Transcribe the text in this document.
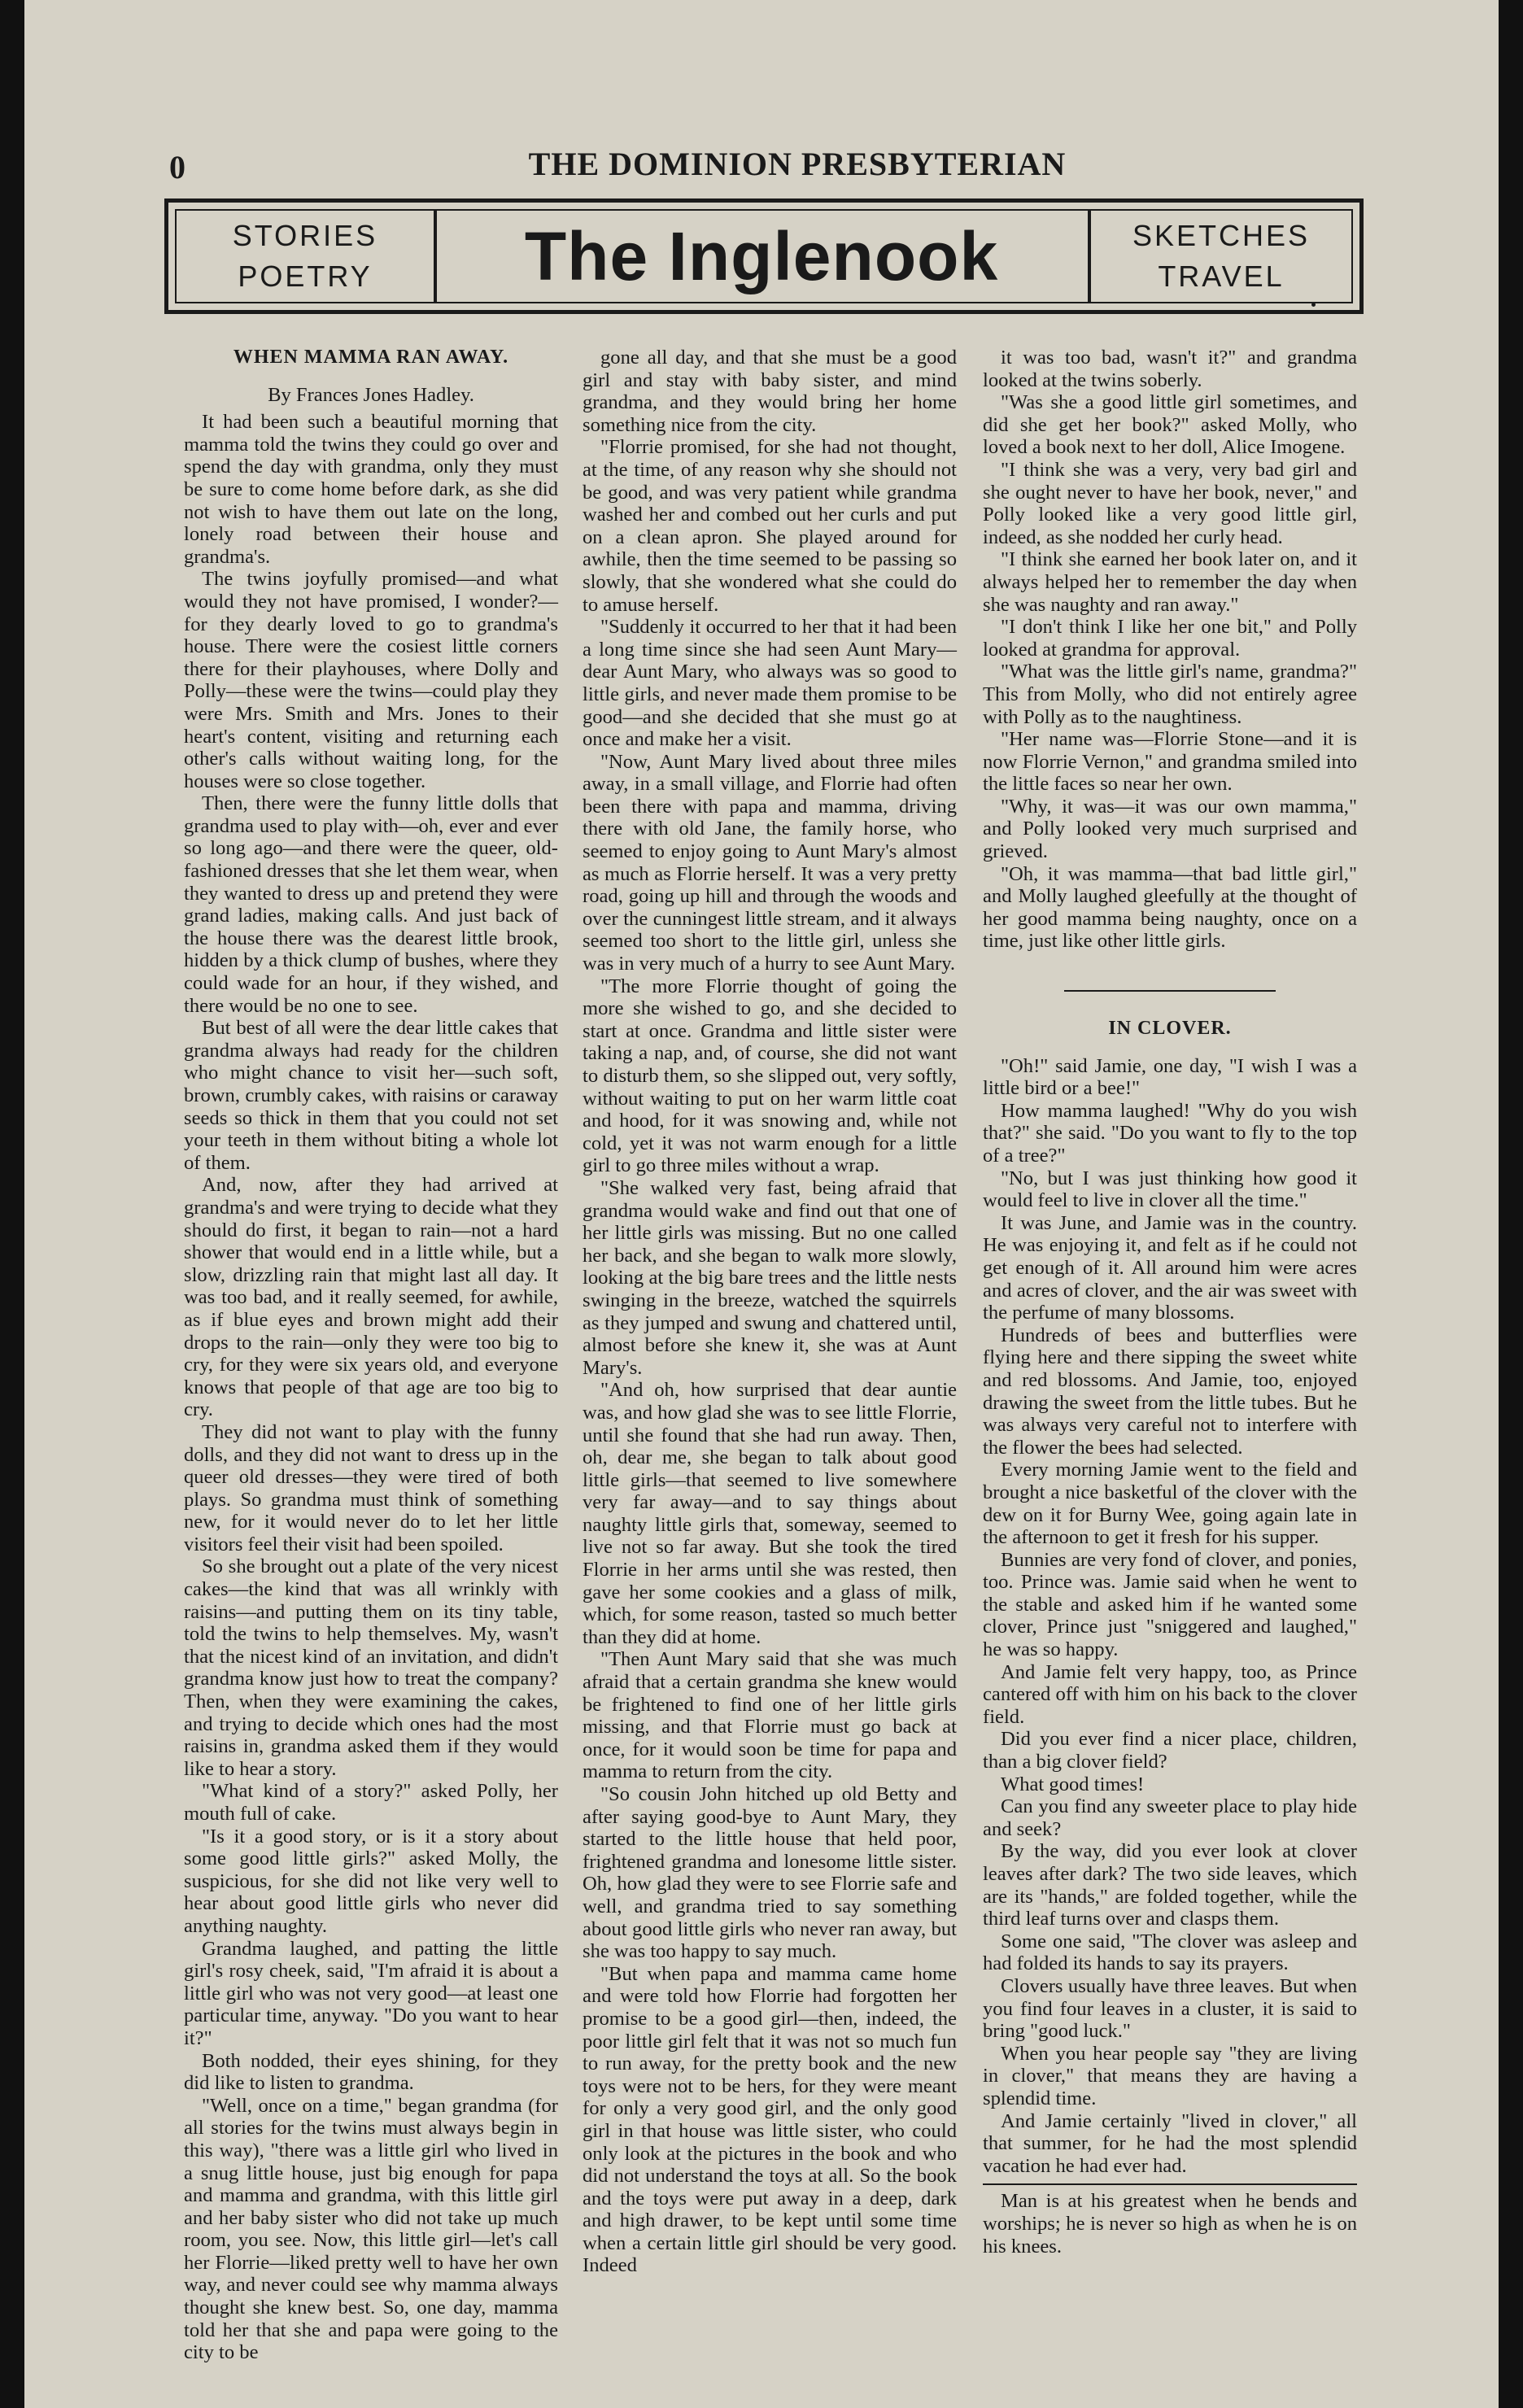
0	THE DOMINION PRESBYTERIAN
STORIES
POETRY The Inglenook	SKETCHES
TRAVEL
WHEN MAMMA RAN AWAY.

By Frances Jones Hadley.

It had been such a beautiful morning that mamma told the twins they could go over and spend the day with grandma, only they must be sure to come home before dark, as she did not wish to have them out late on the long, lonely road between their house and grandma's.

The twins joyfully promised—and what would they not have promised, I wonder?—for they dearly loved to go to grandma's house. There were the cosiest little corners there for their playhouses, where Dolly and Polly—these were the twins—could play they were Mrs. Smith and Mrs. Jones to their heart's content, visiting and returning each other's calls without waiting long, for the houses were so close together.

Then, there were the funny little dolls that grandma used to play with—oh, ever and ever so long ago—and there were the queer, old-fashioned dresses that she let them wear, when they wanted to dress up and pretend they were grand ladies, making calls. And just back of the house there was the dearest little brook, hidden by a thick clump of bushes, where they could wade for an hour, if they wished, and there would be no one to see.

But best of all were the dear little cakes that grandma always had ready for the children who might chance to visit her—such soft, brown, crumbly cakes, with raisins or caraway seeds so thick in them that you could not set your teeth in them without biting a whole lot of them.

And, now, after they had arrived at grandma's and were trying to decide what they should do first, it began to rain—not a hard shower that would end in a little while, but a slow, drizzling rain that might last all day. It was too bad, and it really seemed, for awhile, as if blue eyes and brown might add their drops to the rain—only they were too big to cry, for they were six years old, and everyone knows that people of that age are too big to cry.

They did not want to play with the funny dolls, and they did not want to dress up in the queer old dresses—they were tired of both plays. So grandma must think of something new, for it would never do to let her little visitors feel their visit had been spoiled.

So she brought out a plate of the very nicest cakes—the kind that was all wrinkly with raisins—and putting them on its tiny table, told the twins to help themselves. My, wasn't that the nicest kind of an invitation, and didn't grandma know just how to treat the company? Then, when they were examining the cakes, and trying to decide which ones had the most raisins in, grandma asked them if they would like to hear a story.

"What kind of a story?" asked Polly, her mouth full of cake.

"Is it a good story, or is it a story about some good little girls?" asked Molly, the suspicious, for she did not like very well to hear about good little girls who never did anything naughty.

Grandma laughed, and patting the little girl's rosy cheek, said, "I'm afraid it is about a little girl who was not very good—at least one particular time, anyway. "Do you want to hear it?"

Both nodded, their eyes shining, for they did like to listen to grandma.

"Well, once on a time," began grandma (for all stories for the twins must always begin in this way), "there was a little girl who lived in a snug little house, just big enough for papa and mamma and grandma, with this little girl and her baby sister who did not take up much room, you see. Now, this little girl—let's call her Florrie—liked pretty well to have her own way, and never could see why mamma always thought she knew best. So, one day, mamma told her that she and papa were going to the city to be

gone all day, and that she must be a good girl and stay with baby sister, and mind grandma, and they would bring her home something nice from the city.

"Florrie promised, for she had not thought, at the time, of any reason why she should not be good, and was very patient while grandma washed her and combed out her curls and put on a clean apron. She played around for awhile, then the time seemed to be passing so slowly, that she wondered what she could do to amuse herself.

"Suddenly it occurred to her that it had been a long time since she had seen Aunt Mary—dear Aunt Mary, who always was so good to little girls, and never made them promise to be good—and she decided that she must go at once and make her a visit.

"Now, Aunt Mary lived about three miles away, in a small village, and Florrie had often been there with papa and mamma, driving there with old Jane, the family horse, who seemed to enjoy going to Aunt Mary's almost as much as Florrie herself. It was a very pretty road, going up hill and through the woods and over the cunningest little stream, and it always seemed too short to the little girl, unless she was in very much of a hurry to see Aunt Mary.

"The more Florrie thought of going the more she wished to go, and she decided to start at once. Grandma and little sister were taking a nap, and, of course, she did not want to disturb them, so she slipped out, very softly, without waiting to put on her warm little coat and hood, for it was snowing and, while not cold, yet it was not warm enough for a little girl to go three miles without a wrap.

"She walked very fast, being afraid that grandma would wake and find out that one of her little girls was missing. But no one called her back, and she began to walk more slowly, looking at the big bare trees and the little nests swinging in the breeze, watched the squirrels as they jumped and swung and chattered until, almost before she knew it, she was at Aunt Mary's.

"And oh, how surprised that dear auntie was, and how glad she was to see little Florrie, until she found that she had run away. Then, oh, dear me, she began to talk about good little girls—that seemed to live somewhere very far away—and to say things about naughty little girls that, someway, seemed to live not so far away. But she took the tired Florrie in her arms until she was rested, then gave her some cookies and a glass of milk, which, for some reason, tasted so much better than they did at home.

"Then Aunt Mary said that she was much afraid that a certain grandma she knew would be frightened to find one of her little girls missing, and that Florrie must go back at once, for it would soon be time for papa and mamma to return from the city.

"So cousin John hitched up old Betty and after saying good-bye to Aunt Mary, they started to the little house that held poor, frightened grandma and lonesome little sister. Oh, how glad they were to see Florrie safe and well, and grandma tried to say something about good little girls who never ran away, but she was too happy to say much.

"But when papa and mamma came home and were told how Florrie had forgotten her promise to be a good girl—then, indeed, the poor little girl felt that it was not so much fun to run away, for the pretty book and the new toys were not to be hers, for they were meant for only a very good girl, and the only good girl in that house was little sister, who could only look at the pictures in the book and who did not understand the toys at all. So the book and the toys were put away in a deep, dark and high drawer, to be kept until some time when a certain little girl should be very good. Indeed

it was too bad, wasn't it?" and grandma looked at the twins soberly.

"Was she a good little girl sometimes, and did she get her book?" asked Molly, who loved a book next to her doll, Alice Imogene.

"I think she was a very, very bad girl and she ought never to have her book, never," and Polly looked like a very good little girl, indeed, as she nodded her curly head.

"I think she earned her book later on, and it always helped her to remember the day when she was naughty and ran away."

"I don't think I like her one bit," and Polly looked at grandma for approval.

"What was the little girl's name, grandma?" This from Molly, who did not entirely agree with Polly as to the naughtiness.

"Her name was—Florrie Stone—and it is now Florrie Vernon," and grandma smiled into the little faces so near her own.

"Why, it was—it was our own mamma," and Polly looked very much surprised and grieved.

"Oh, it was mamma—that bad little girl," and Molly laughed gleefully at the thought of her good mamma being naughty, once on a time, just like other little girls.

IN CLOVER.

"Oh!" said Jamie, one day, "I wish I was a little bird or a bee!"

How mamma laughed! "Why do you wish that?" she said. "Do you want to fly to the top of a tree?"

"No, but I was just thinking how good it would feel to live in clover all the time."

It was June, and Jamie was in the country. He was enjoying it, and felt as if he could not get enough of it. All around him were acres and acres of clover, and the air was sweet with the perfume of many blossoms.

Hundreds of bees and butterflies were flying here and there sipping the sweet white and red blossoms. And Jamie, too, enjoyed drawing the sweet from the little tubes. But he was always very careful not to interfere with the flower the bees had selected.

Every morning Jamie went to the field and brought a nice basketful of the clover with the dew on it for Burny Wee, going again late in the afternoon to get it fresh for his supper.

Bunnies are very fond of clover, and ponies, too. Prince was. Jamie said when he went to the stable and asked him if he wanted some clover, Prince just "sniggered and laughed," he was so happy.

And Jamie felt very happy, too, as Prince cantered off with him on his back to the clover field.

Did you ever find a nicer place, children, than a big clover field?

What good times!

Can you find any sweeter place to play hide and seek?

By the way, did you ever look at clover leaves after dark? The two side leaves, which are its "hands," are folded together, while the third leaf turns over and clasps them.

Some one said, "The clover was asleep and had folded its hands to say its prayers.

Clovers usually have three leaves. But when you find four leaves in a cluster, it is said to bring "good luck."

When you hear people say "they are living in clover," that means they are having a splendid time.

And Jamie certainly "lived in clover," all that summer, for he had the most splendid vacation he had ever had.

Man is at his greatest when he bends and worships; he is never so high as when he is on his knees.
